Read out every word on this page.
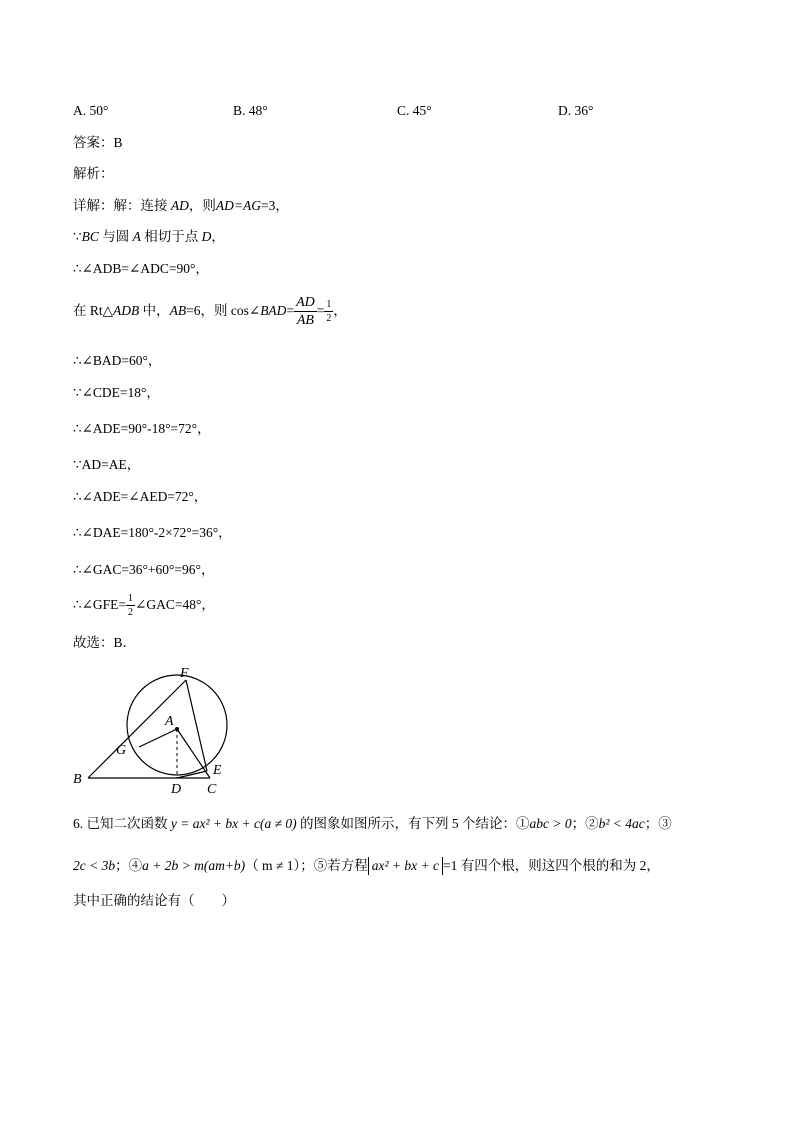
A. 50°	B. 48°	C. 45°	D. 36°
答案：B
解析：
详解：解：连接 AD，则AD=AG=3，
∵BC 与圆 A 相切于点 D，
∴∠ADB=∠ADC=90°，
在 Rt△ADB 中，AB=6，则 cos∠BAD= $\frac{AD}{AB} = \frac{1}{2}$ ，
∴∠BAD=60°，
∵∠CDE=18°，
∴∠ADE=90°-18°=72°，
∵AD=AE，
∴∠ADE=∠AED=72°，
∴∠DAE=180°-2×72°=36°，
∴∠GAC=36°+60°=96°，
∴∠GFE= $\frac{1}{2}$ ∠GAC=48°，
故选：B．
F
A
G
B
D C
E
6. 已知二次函数 y = ax² + bx + c(a ≠ 0) 的图象如图所示，有下列 5 个结论：①abc > 0；②b² < 4ac；③
2c < 3b；④a + 2b > m(am+b)（ m ≠ 1）；⑤若方程 ax² + bx + c =1 有四个根，则这四个根的和为 2，
其中正确的结论有（　　）
